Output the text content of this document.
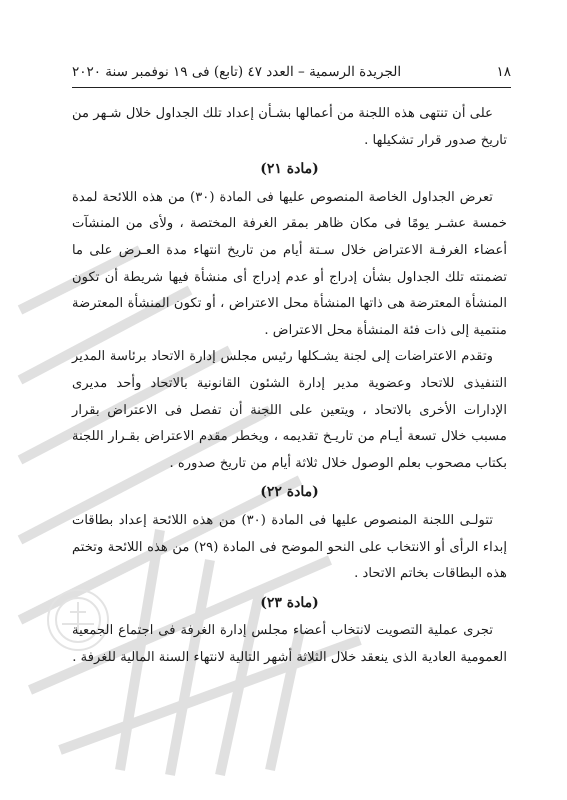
١٨
الجريدة الرسمية – العدد ٤٧ (تابع) فى ١٩ نوفمبر سنة ٢٠٢٠

على أن تنتهى هذه اللجنة من أعمالها بشـأن إعداد تلك الجداول خلال شـهر من تاريخ صدور قرار تشكيلها .

(مادة ٢١)

تعرض الجداول الخاصة المنصوص عليها فى المادة (٣٠) من هذه اللائحة لمدة خمسة عشـر يومًا فى مكان ظاهر بمقر الغرفة المختصة ، ولأى من المنشآت أعضاء الغرفـة الاعتراض خلال سـتة أيام من تاريخ انتهاء مدة العـرض على ما تضمنته تلك الجداول بشأن إدراج أو عدم إدراج أى منشأة فيها شريطة أن تكون المنشأة المعترضة هى ذاتها المنشأة محل الاعتراض ، أو تكون المنشأة المعترضة منتمية إلى ذات فئة المنشأة محل الاعتراض .

وتقدم الاعتراضات إلى لجنة يشـكلها رئيس مجلس إدارة الاتحاد برئاسة المدير التنفيذى للاتحاد وعضوية مدير إدارة الشئون القانونية بالاتحاد وأحد مديرى الإدارات الأخرى بالاتحاد ، ويتعين على اللجنة أن تفصل فى الاعتراض بقرار مسبب خلال تسعة أيـام من تاريـخ تقديمه ، ويخطر مقدم الاعتراض بقـرار اللجنة بكتاب مصحوب بعلم الوصول خلال ثلاثة أيام من تاريخ صدوره .

(مادة ٢٢)

تتولـى اللجنة المنصوص عليها فى المادة (٣٠) من هذه اللائحة إعداد بطاقات إبداء الرأى أو الانتخاب على النحو الموضح فى المادة (٢٩) من هذه اللائحة وتختم هذه البطاقات بخاتم الاتحاد .

(مادة ٢٣)

تجرى عملية التصويت لانتخاب أعضاء مجلس إدارة الغرفة فى اجتماع الجمعية العمومية العادية الذى ينعقد خلال الثلاثة أشهر التالية لانتهاء السنة المالية للغرفة .
